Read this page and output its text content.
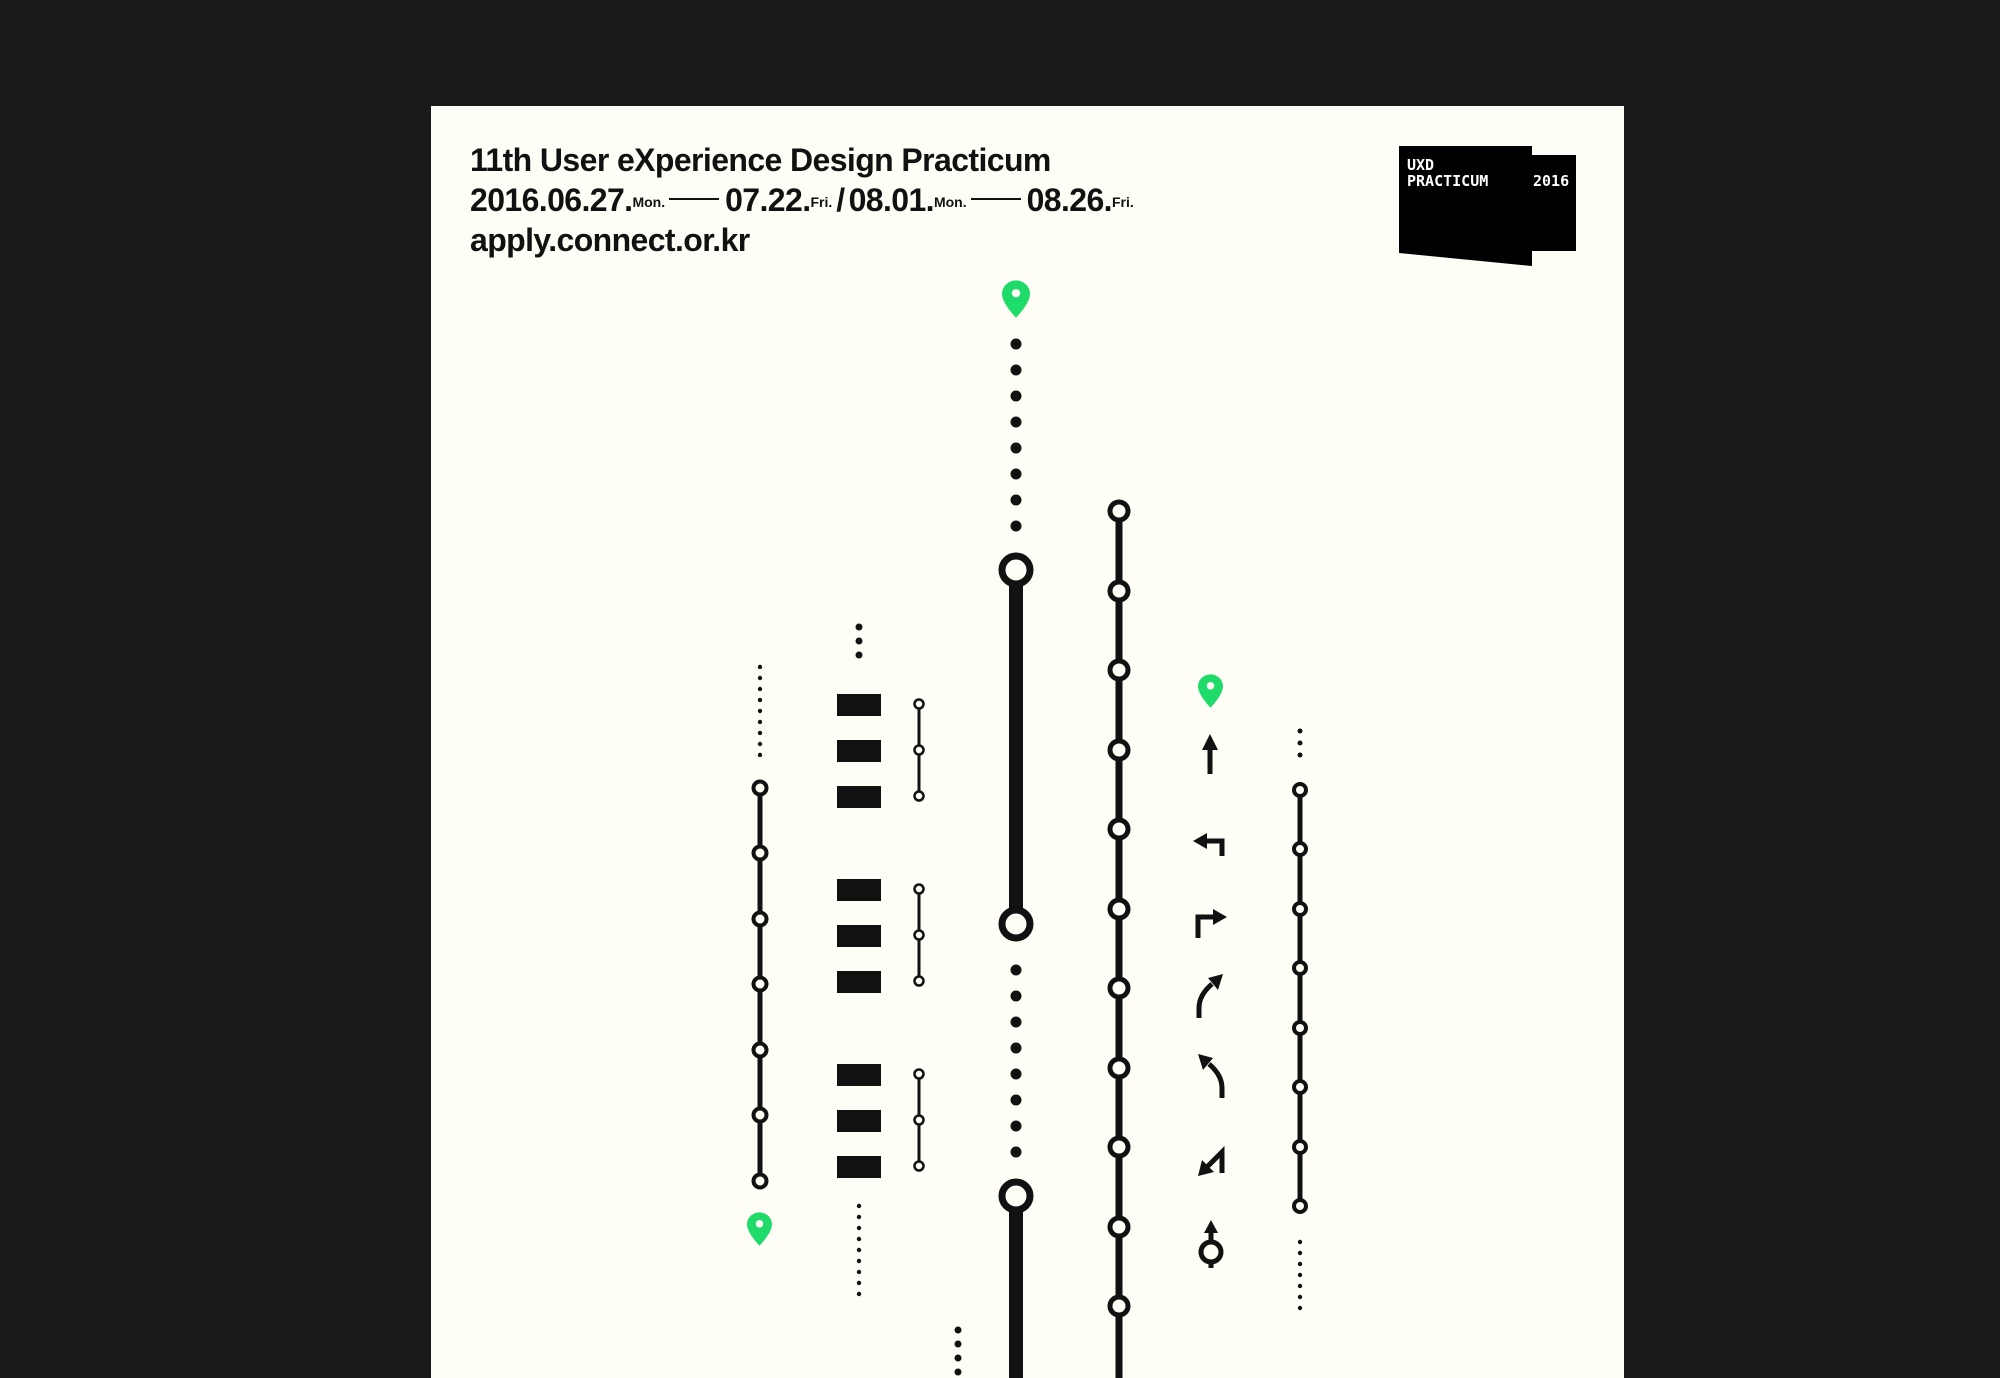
11th User eXperience Design Practicum
2016.06.27.$^{Mon.}$ 07.22.$^{Fri.}$ / 08.01.$^{Mon.}$ 08.26.$^{Fri.}$
apply.connect.or.kr
UXD
PRACTICUM	2016
